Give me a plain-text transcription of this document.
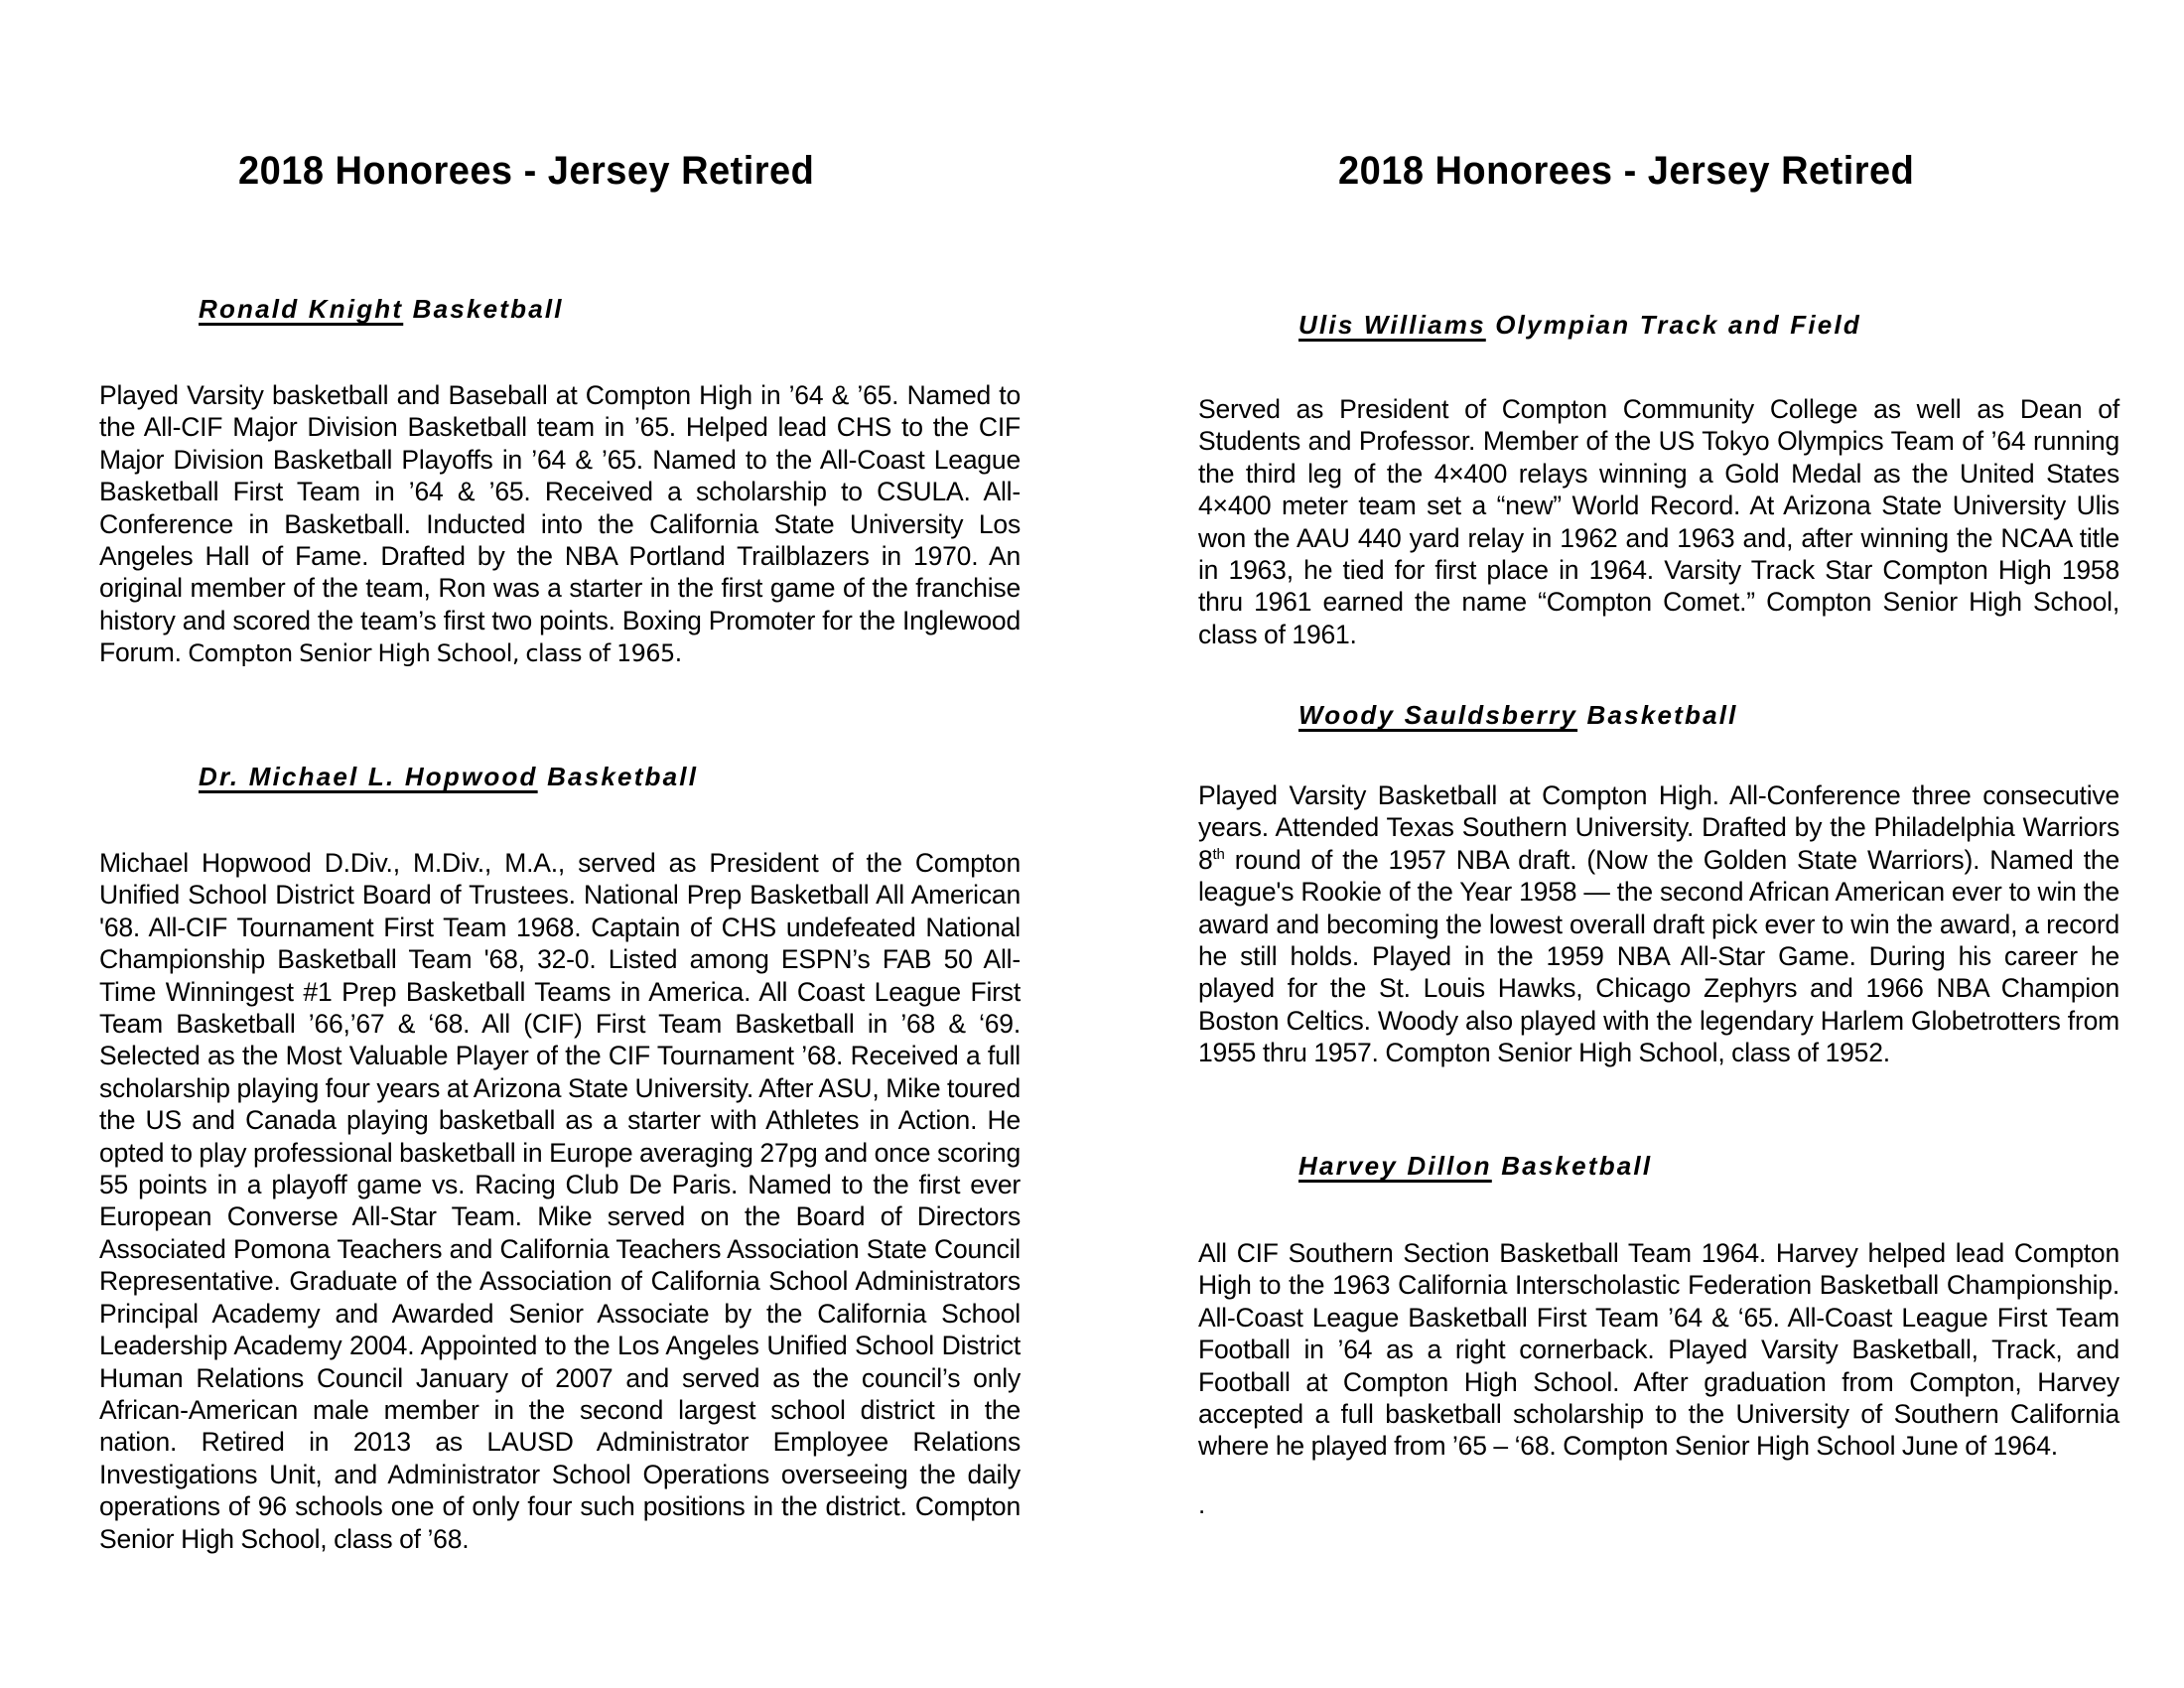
2018 Honorees - Jersey Retired
Ronald Knight Basketball
Played Varsity basketball and Baseball at Compton High in ’64 & ’65. Named to the All-CIF Major Division Basketball team in ’65. Helped lead CHS to the CIF Major Division Basketball Playoffs in ’64 & ’65. Named to the All-Coast League Basketball First Team in ’64 & ’65. Received a scholarship to CSULA. All-Conference in Basketball. Inducted into the California State University Los Angeles Hall of Fame. Drafted by the NBA Portland Trailblazers in 1970. An original member of the team, Ron was a starter in the first game of the franchise history and scored the team’s first two points. Boxing Promoter for the Inglewood Forum. Compton Senior High School, class of 1965.
Dr. Michael L. Hopwood Basketball
Michael Hopwood D.Div., M.Div., M.A., served as President of the Compton Unified School District Board of Trustees. National Prep Basketball All American '68. All-CIF Tournament First Team 1968. Captain of CHS undefeated National Championship Basketball Team '68, 32-0. Listed among ESPN’s FAB 50 All-Time Winningest #1 Prep Basketball Teams in America. All Coast League First Team Basketball ’66,’67 & ‘68. All (CIF) First Team Basketball in ’68 & ‘69. Selected as the Most Valuable Player of the CIF Tournament ’68. Received a full scholarship playing four years at Arizona State University. After ASU, Mike toured the US and Canada playing basketball as a starter with Athletes in Action. He opted to play professional basketball in Europe averaging 27pg and once scoring 55 points in a playoff game vs. Racing Club De Paris. Named to the first ever European Converse All-Star Team. Mike served on the Board of Directors Associated Pomona Teachers and California Teachers Association State Council Representative. Graduate of the Association of California School Administrators Principal Academy and Awarded Senior Associate by the California School Leadership Academy 2004. Appointed to the Los Angeles Unified School District Human Relations Council January of 2007 and served as the council’s only African-American male member in the second largest school district in the nation. Retired in 2013 as LAUSD Administrator Employee Relations Investigations Unit, and Administrator School Operations overseeing the daily operations of 96 schools one of only four such positions in the district. Compton Senior High School, class of ’68.
2018 Honorees - Jersey Retired
Ulis Williams Olympian Track and Field
Served as President of Compton Community College as well as Dean of Students and Professor. Member of the US Tokyo Olympics Team of ’64 running the third leg of the 4×400 relays winning a Gold Medal as the United States 4×400 meter team set a “new” World Record. At Arizona State University Ulis won the AAU 440 yard relay in 1962 and 1963 and, after winning the NCAA title in 1963, he tied for first place in 1964. Varsity Track Star Compton High 1958 thru 1961 earned the name “Compton Comet.” Compton Senior High School, class of 1961.
Woody Sauldsberry Basketball
Played Varsity Basketball at Compton High. All-Conference three consecutive years. Attended Texas Southern University. Drafted by the Philadelphia Warriors 8th round of the 1957 NBA draft. (Now the Golden State Warriors). Named the league's Rookie of the Year 1958 — the second African American ever to win the award and becoming the lowest overall draft pick ever to win the award, a record he still holds. Played in the 1959 NBA All-Star Game. During his career he played for the St. Louis Hawks, Chicago Zephyrs and 1966 NBA Champion Boston Celtics. Woody also played with the legendary Harlem Globetrotters from 1955 thru 1957. Compton Senior High School, class of 1952.
Harvey Dillon Basketball
All CIF Southern Section Basketball Team 1964. Harvey helped lead Compton High to the 1963 California Interscholastic Federation Basketball Championship. All-Coast League Basketball First Team ’64 & ‘65. All-Coast League First Team Football in ’64 as a right cornerback. Played Varsity Basketball, Track, and Football at Compton High School. After graduation from Compton, Harvey accepted a full basketball scholarship to the University of Southern California where he played from ’65 – ‘68. Compton Senior High School June of 1964.
.
